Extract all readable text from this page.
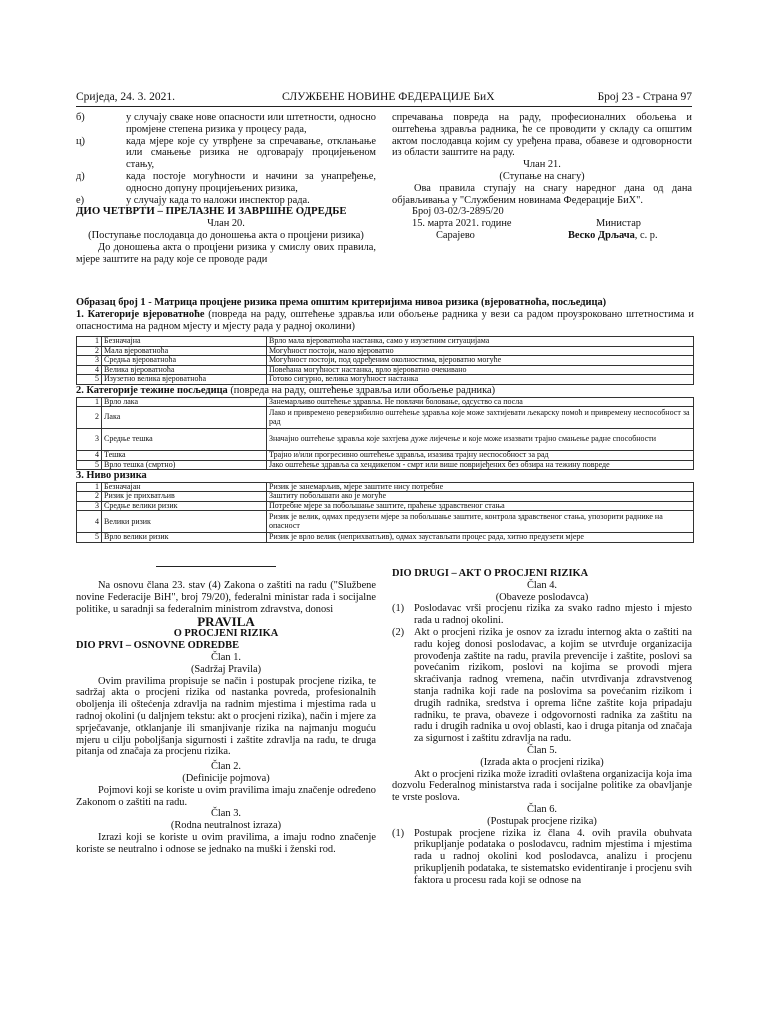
Сриједа, 24. 3. 2021.	СЛУЖБЕНЕ НОВИНЕ ФЕДЕРАЦИЈЕ БиХ	Број 23 - Страна 97
б)	у случају сваке нове опасности или штетности, односно промјене степена ризика у процесу рада,
ц)	када мјере које су утврђене за спречавање, отклањање или смањење ризика не одговарају процијењеном стању,
д)	када постоје могућности и начини за унапређење, односно допуну процијењених ризика,
е)	у случају када то наложи инспектор рада.

ДИО ЧЕТВРТИ – ПРЕЛАЗНЕ И ЗАВРШНЕ ОДРЕДБЕ

Члан 20.

(Поступање послодавца до доношења акта о процјени ризика)

До доношења акта о процјени ризика у смислу ових правила, мјере заштите на раду које се проводе ради

спречавања повреда на раду, професионалних обољења и оштећења здравља радника, ће се проводити у складу са општим актом послодавца којим су уређена права, обавезе и одговорности из области заштите на раду.

Члан 21.

(Ступање на снагу)

Ова правила ступају на снагу наредног дана од дана објављивања у "Службеним новинама Федерације БиХ".

Број 03-02/3-2895/20

15. марта 2021. године	Министар
Сарајево	Веско Дрљача , с. р.

Образац број 1 - Матрица процјене ризика према општим критеријима нивоа ризика (вјероватноћа, посљедица)

1. Категорије вјероватноће (повреда на раду, оштећење здравља или обољење радника у вези са радом проузроковано штетностима и опасностима на радном мјесту и мјесту рада у радној околини)

1	Безначајна	Врло мала вјероватноћа настанка, само у изузетним ситуацијама
2	Мала вјероватноћа	Могућност постоји, мало вјероватно
3	Средња вјероватноћа	Могућност постоји, под одређеним околностима, вјероватно могуће
4	Велика вјероватноћа	Повећана могућност настанка, врло вјероватно очекивано
5	Изузетно велика вјероватноћа	Готово сигурно, велика могућност настанка

2. Категорије тежине посљедица (повреда на раду, оштећење здравља или обољење радника)

1	Врло лака	Занемарљиво оштећење здравља. Не повлачи боловање, одсуство са посла
2	Лака	Лако и привремено реверзибилно оштећење здравља које може захтијевати љекарску помоћ и привремену неспособност за рад
3	Средње тешка	Значајно оштећење здравља које захтјева дуже лијечење и које може изазвати трајно смањење радне способности
4	Тешка	Трајно и/или прогресивно оштећење здравља, изазива трајну неспособност за рад
5	Врло тешка (смртно)	Јако оштећење здравља са хендикепом - смрт или више повријеђених без обзира на тежину повреде

3. Ниво ризика

1	Безначајан	Ризик је занемарљив, мјере заштите нису потребне
2	Ризик је прихватљив	Заштиту побољшати ако је могуће
3	Средње велики ризик	Потребне мјере за побољшање заштите, праћење здравственог стања
4	Велики ризик	Ризик је велик, одмах предузети мјере за побољшање заштите, контрола здравственог стања, упозорити раднике на опасност
5	Врло велики ризик	Ризик је врло велик (неприхватљив), одмах заустављати процес рада, хитно предузети мјере

Na osnovu člana 23. stav (4) Zakona o zaštiti na radu ("Službene novine Federacije BiH", broj 79/20), federalni ministar rada i socijalne politike, u saradnji sa federalnim ministrom zdravstva, donosi

PRAVILA

O PROCJENI RIZIKA

DIO PRVI – OSNOVNE ODREDBE

Član 1.

(Sadržaj Pravila)

Ovim pravilima propisuje se način i postupak procjene rizika, te sadržaj akta o procjeni rizika od nastanka povreda, profesionalnih oboljenja ili oštećenja zdravlja na radnim mjestima i mjestima rada u radnoj okolini (u daljnjem tekstu: akt o procjeni rizika), način i mjere za sprječavanje, otklanjanje ili smanjivanje rizika na najmanju moguću mjeru u cilju poboljšanja sigurnosti i zaštite zdravlja na radu, te druga pitanja od značaja za procjenu rizika.

Član 2.

(Definicije pojmova)

Pojmovi koji se koriste u ovim pravilima imaju značenje određeno Zakonom o zaštiti na radu.

Član 3.

(Rodna neutralnost izraza)

Izrazi koji se koriste u ovim pravilima, a imaju rodno značenje koriste se neutralno i odnose se jednako na muški i ženski rod.

DIO DRUGI – AKT O PROCJENI RIZIKA

Član 4.

(Obaveze poslodavca)

(1) Poslodavac vrši procjenu rizika za svako radno mjesto i mjesto rada u radnoj okolini.
(2) Akt o procjeni rizika je osnov za izradu internog akta o zaštiti na radu kojeg donosi poslodavac, a kojim se utvrđuje organizacija provođenja zaštite na radu, pravila prevencije i zaštite, poslovi sa povećanim rizikom, poslovi na kojima se provodi mjera skraćivanja radnog vremena, način utvrđivanja zdravstvenog stanja radnika koji rade na poslovima sa povećanim rizikom i drugih radnika, sredstva i oprema lične zaštite koja pripadaju radniku, te prava, obaveze i odgovornosti radnika za zaštitu na radu i drugih radnika u ovoj oblasti, kao i druga pitanja od značaja za sigurnost i zaštitu zdravlja na radu.

Član 5.

(Izrada akta o procjeni rizika)

Akt o procjeni rizika može izraditi ovlaštena organizacija koja ima dozvolu Federalnog ministarstva rada i socijalne politike za obavljanje te vrste poslova.

Član 6.

(Postupak procjene rizika)

(1) Postupak procjene rizika iz člana 4. ovih pravila obuhvata prikupljanje podataka o poslodavcu, radnim mjestima i mjestima rada u radnoj okolini kod poslodavca, analizu i procjenu prikupljenih podataka, te sistematsko evidentiranje i procjenu svih faktora u procesu rada koji se odnose na
